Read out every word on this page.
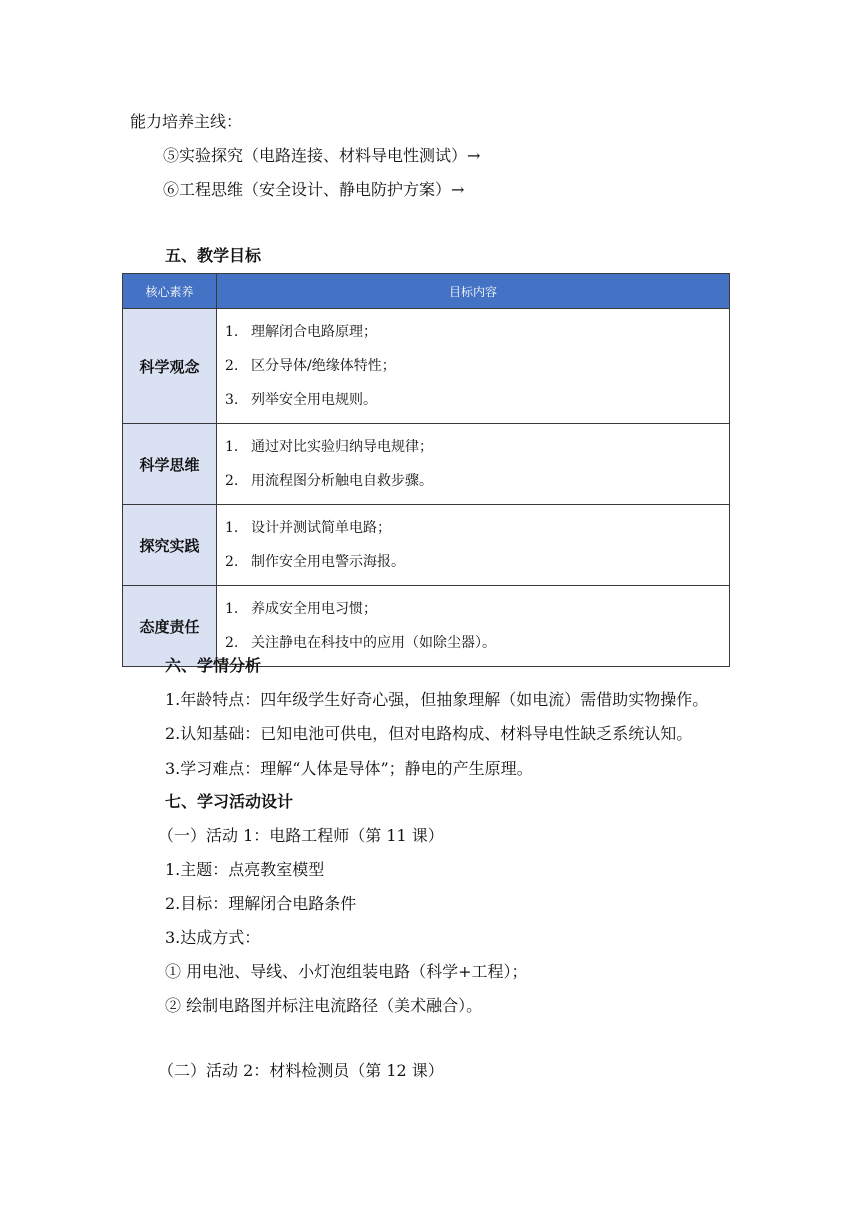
能力培养主线：
⑤实验探究（电路连接、材料导电性测试）→
⑥工程思维（安全设计、静电防护方案）→
五、教学目标
核心素养	目标内容
科学观念	1. 理解闭合电路原理；
2. 区分导体/绝缘体特性；
3. 列举安全用电规则。

科学思维	1. 通过对比实验归纳导电规律；
2. 用流程图分析触电自救步骤。

探究实践	1. 设计并测试简单电路；
2. 制作安全用电警示海报。

态度责任	1. 养成安全用电习惯；
2. 关注静电在科技中的应用（如除尘器）。
六、学情分析
1.年龄特点：四年级学生好奇心强，但抽象理解（如电流）需借助实物操作。
2.认知基础：已知电池可供电，但对电路构成、材料导电性缺乏系统认知。
3.学习难点：理解“人体是导体”；静电的产生原理。
七、学习活动设计
（一）活动 1：电路工程师（第 11 课）
1.主题：点亮教室模型
2.目标：理解闭合电路条件
3.达成方式：
① 用电池、导线、小灯泡组装电路（科学+工程）；
② 绘制电路图并标注电流路径（美术融合）。
（二）活动 2：材料检测员（第 12 课）
